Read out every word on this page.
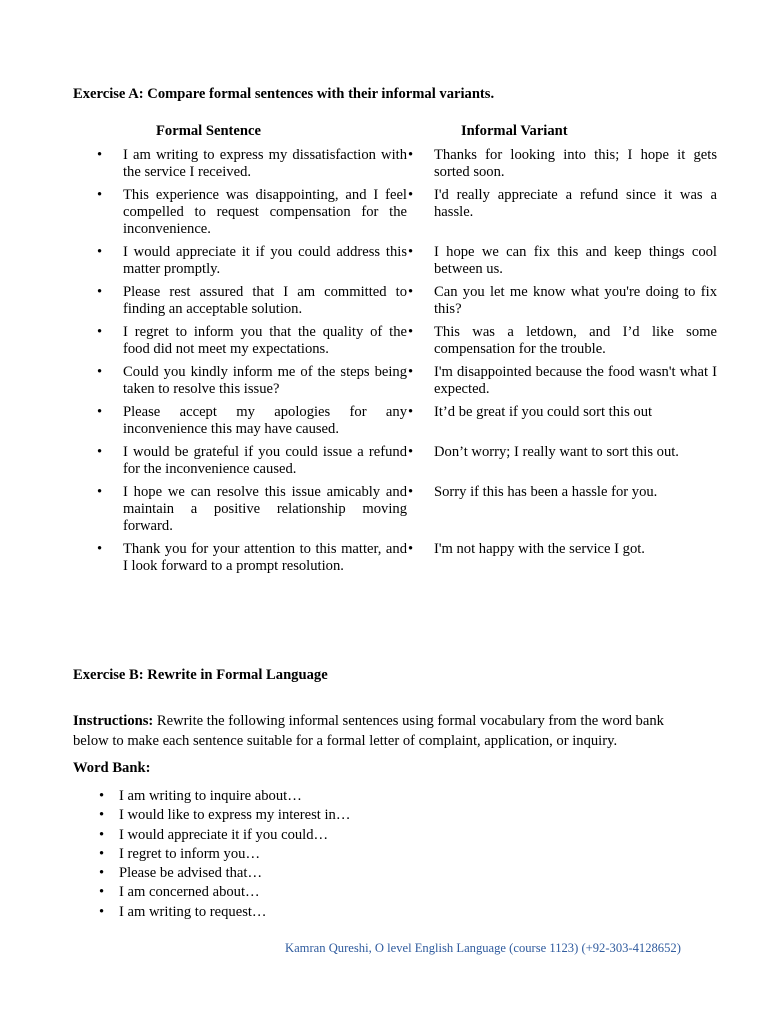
Exercise A: Compare formal sentences with their informal variants.
Formal Sentence	Informal Variant
• I am writing to express my dissatisfaction with the service I received.
• This experience was disappointing, and I feel compelled to request compensation for the inconvenience.
• I would appreciate it if you could address this matter promptly.
• Please rest assured that I am committed to finding an acceptable solution.
• I regret to inform you that the quality of the food did not meet my expectations.
• Could you kindly inform me of the steps being taken to resolve this issue?
• Please accept my apologies for any inconvenience this may have caused.
• I would be grateful if you could issue a refund for the inconvenience caused.
• I hope we can resolve this issue amicably and maintain a positive relationship moving forward.
• Thank you for your attention to this matter, and I look forward to a prompt resolution.
• Thanks for looking into this; I hope it gets sorted soon.
• I'd really appreciate a refund since it was a hassle.
• I hope we can fix this and keep things cool between us.
• Can you let me know what you're doing to fix this?
• This was a letdown, and I’d like some compensation for the trouble.
• I'm disappointed because the food wasn't what I expected.
• It’d be great if you could sort this out
• Don’t worry; I really want to sort this out.
• Sorry if this has been a hassle for you.
• I'm not happy with the service I got.
Exercise B: Rewrite in Formal Language
Instructions: Rewrite the following informal sentences using formal vocabulary from the word bank below to make each sentence suitable for a formal letter of complaint, application, or inquiry.
Word Bank:
• I am writing to inquire about…
• I would like to express my interest in…
• I would appreciate it if you could…
• I regret to inform you…
• Please be advised that…
• I am concerned about…
• I am writing to request…
Kamran Qureshi, O level English Language (course 1123) (+92-303-4128652)
